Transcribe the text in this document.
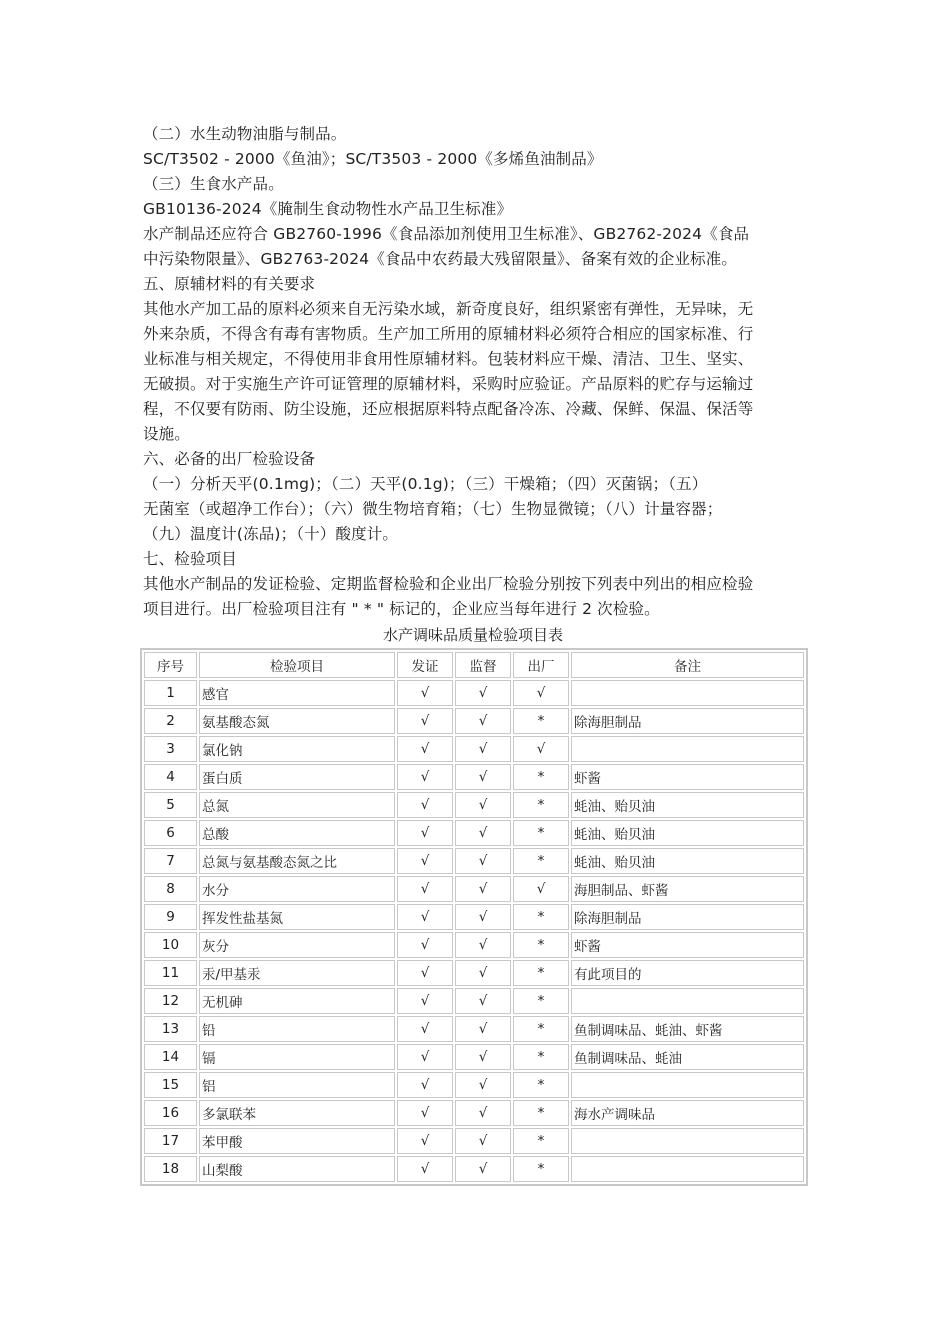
（二）水生动物油脂与制品。
SC/T3502 - 2000《鱼油》；SC/T3503 - 2000《多烯鱼油制品》
（三）生食水产品。
GB10136-2024《腌制生食动物性水产品卫生标准》
水产制品还应符合 GB2760-1996《食品添加剂使用卫生标准》、GB2762-2024《食品
中污染物限量》、GB2763-2024《食品中农药最大残留限量》、备案有效的企业标准。
五、原辅材料的有关要求
其他水产加工品的原料必须来自无污染水域，新奇度良好，组织紧密有弹性，无异味，无
外来杂质，不得含有毒有害物质。生产加工所用的原辅材料必须符合相应的国家标准、行
业标准与相关规定，不得使用非食用性原辅材料。包装材料应干燥、清洁、卫生、坚实、
无破损。对于实施生产许可证管理的原辅材料，采购时应验证。产品原料的贮存与运输过
程，不仅要有防雨、防尘设施，还应根据原料特点配备冷冻、冷藏、保鲜、保温、保活等
设施。
六、必备的出厂检验设备
（一）分析天平(0.1mg)；（二）天平(0.1g)；（三）干燥箱；（四）灭菌锅；（五）
无菌室（或超净工作台）；（六）微生物培育箱；（七）生物显微镜；（八）计量容器；
（九）温度计(冻品)；（十）酸度计。
七、检验项目
其他水产制品的发证检验、定期监督检验和企业出厂检验分别按下列表中列出的相应检验
项目进行。出厂检验项目注有 " * " 标记的，企业应当每年进行 2 次检验。
水产调味品质量检验项目表
序号	检验项目	发证	监督	出厂	备注
1	感官	√	√	√	
2	氨基酸态氮	√	√	*	除海胆制品
3	氯化钠	√	√	√	
4	蛋白质	√	√	*	虾酱
5	总氮	√	√	*	蚝油、贻贝油
6	总酸	√	√	*	蚝油、贻贝油
7	总氮与氨基酸态氮之比	√	√	*	蚝油、贻贝油
8	水分	√	√	√	海胆制品、虾酱
9	挥发性盐基氮	√	√	*	除海胆制品
10	灰分	√	√	*	虾酱
11	汞/甲基汞	√	√	*	有此项目的
12	无机砷	√	√	*	
13	铅	√	√	*	鱼制调味品、蚝油、虾酱
14	镉	√	√	*	鱼制调味品、蚝油
15	铝	√	√	*	
16	多氯联苯	√	√	*	海水产调味品
17	苯甲酸	√	√	*	
18	山梨酸	√	√	*	
